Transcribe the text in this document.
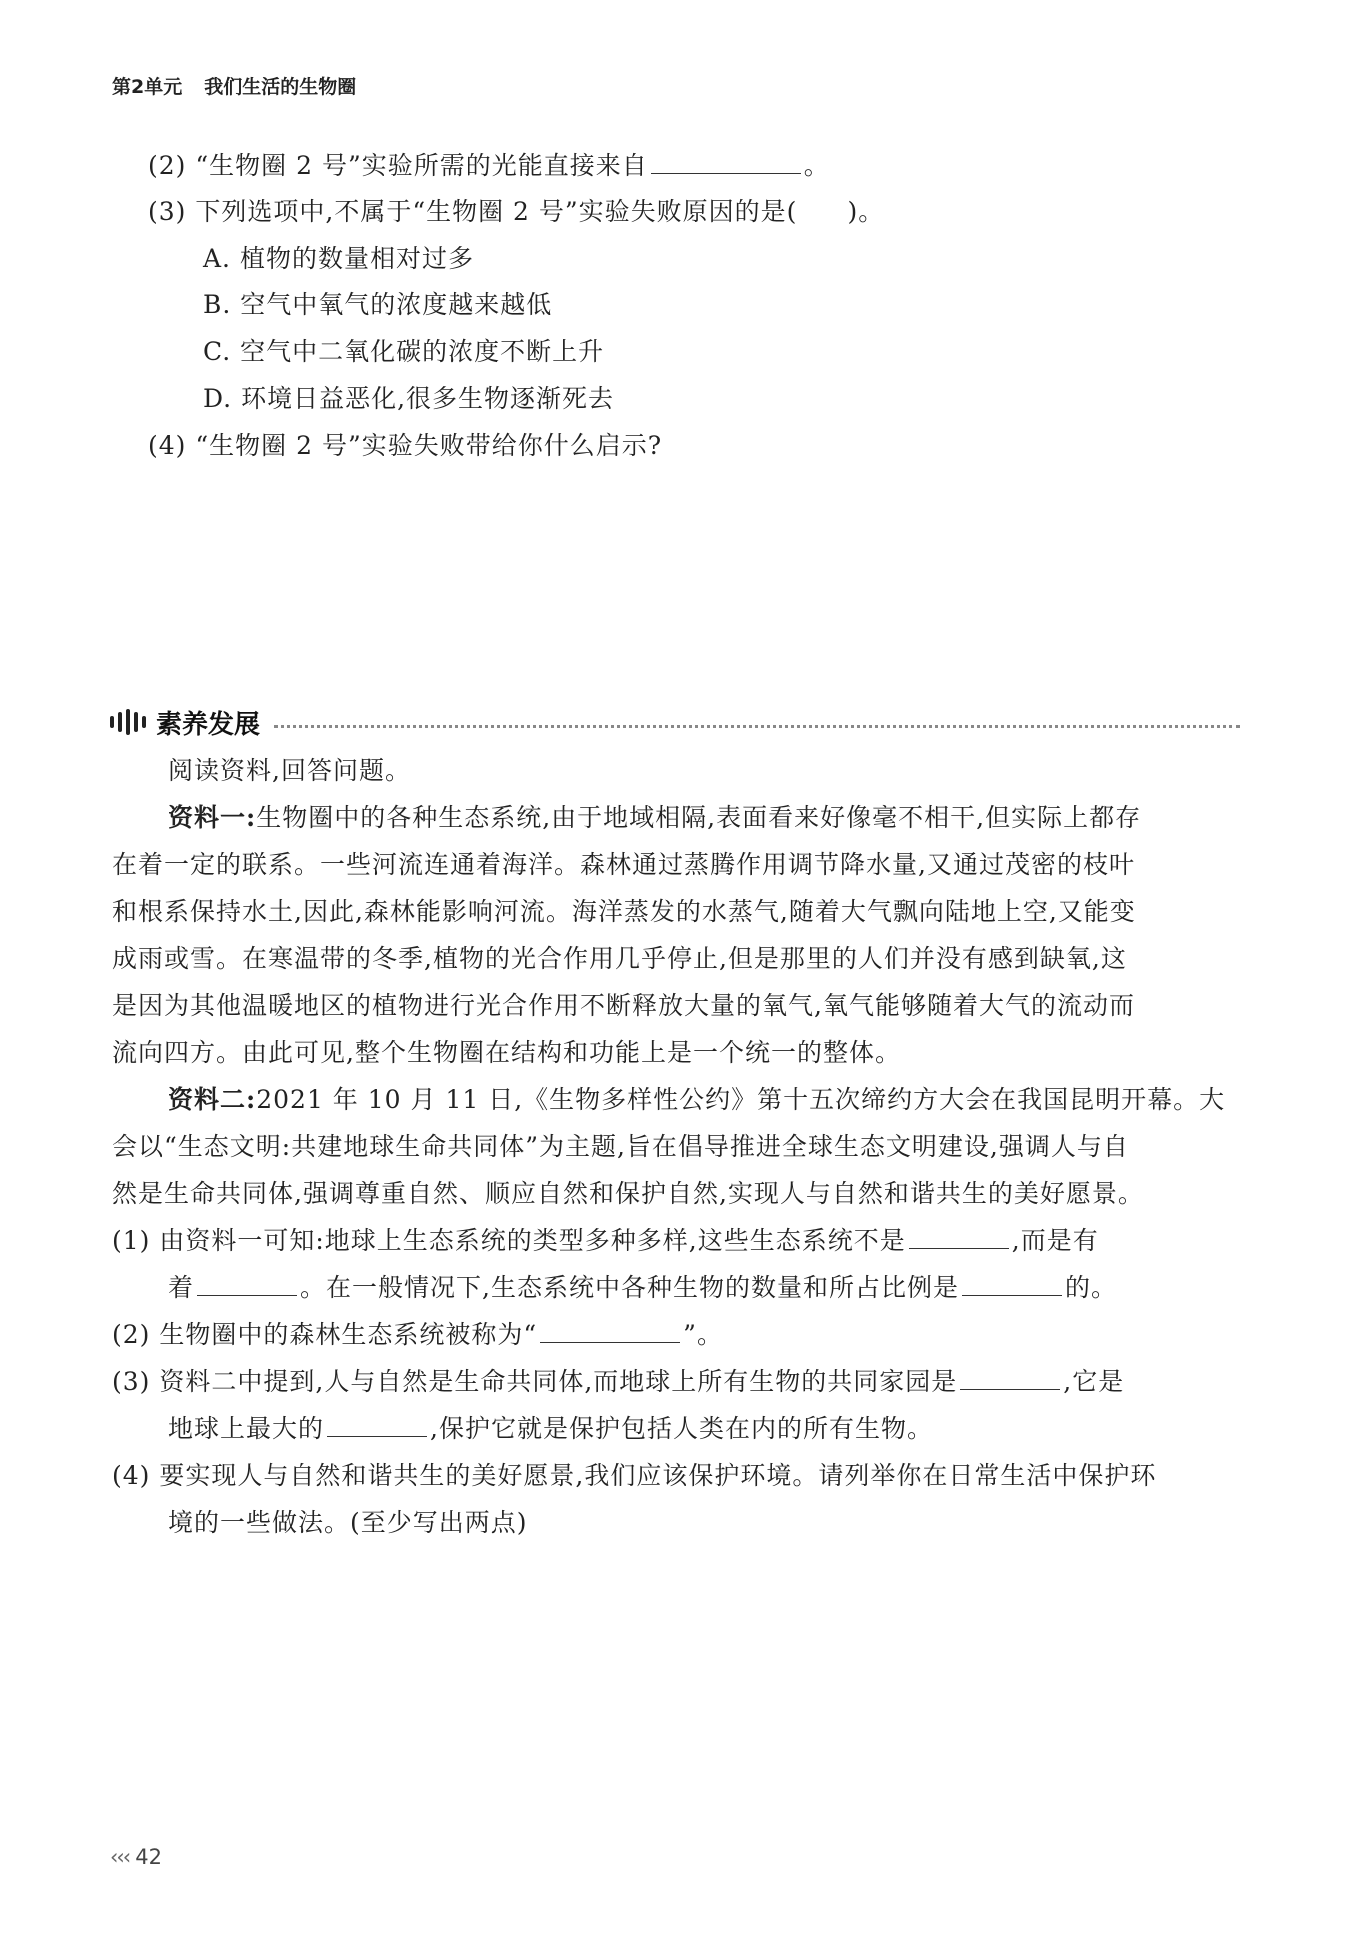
第2单元 我们生活的生物圈
(2) “生物圈 2 号”实验所需的光能直接来自	。
(3) 下列选项中,不属于“生物圈 2 号”实验失败原因的是( )。
A. 植物的数量相对过多
B. 空气中氧气的浓度越来越低
C. 空气中二氧化碳的浓度不断上升
D. 环境日益恶化,很多生物逐渐死去
(4) “生物圈 2 号”实验失败带给你什么启示?
素养发展
阅读资料,回答问题。
资料一:生物圈中的各种生态系统,由于地域相隔,表面看来好像毫不相干,但实际上都存
在着一定的联系。一些河流连通着海洋。森林通过蒸腾作用调节降水量,又通过茂密的枝叶
和根系保持水土,因此,森林能影响河流。海洋蒸发的水蒸气,随着大气飘向陆地上空,又能变
成雨或雪。在寒温带的冬季,植物的光合作用几乎停止,但是那里的人们并没有感到缺氧,这
是因为其他温暖地区的植物进行光合作用不断释放大量的氧气,氧气能够随着大气的流动而
流向四方。由此可见,整个生物圈在结构和功能上是一个统一的整体。
资料二:2021 年 10 月 11 日,《生物多样性公约》第十五次缔约方大会在我国昆明开幕。大
会以“生态文明:共建地球生命共同体”为主题,旨在倡导推进全球生态文明建设,强调人与自
然是生命共同体,强调尊重自然、顺应自然和保护自然,实现人与自然和谐共生的美好愿景。
(1) 由资料一可知:地球上生态系统的类型多种多样,这些生态系统不是	,而是有
着	。在一般情况下,生态系统中各种生物的数量和所占比例是	的。
(2) 生物圈中的森林生态系统被称为“	”。
(3) 资料二中提到,人与自然是生命共同体,而地球上所有生物的共同家园是	,它是
地球上最大的	,保护它就是保护包括人类在内的所有生物。
(4) 要实现人与自然和谐共生的美好愿景,我们应该保护环境。请列举你在日常生活中保护环
境的一些做法。(至少写出两点)
‹‹‹ 42
